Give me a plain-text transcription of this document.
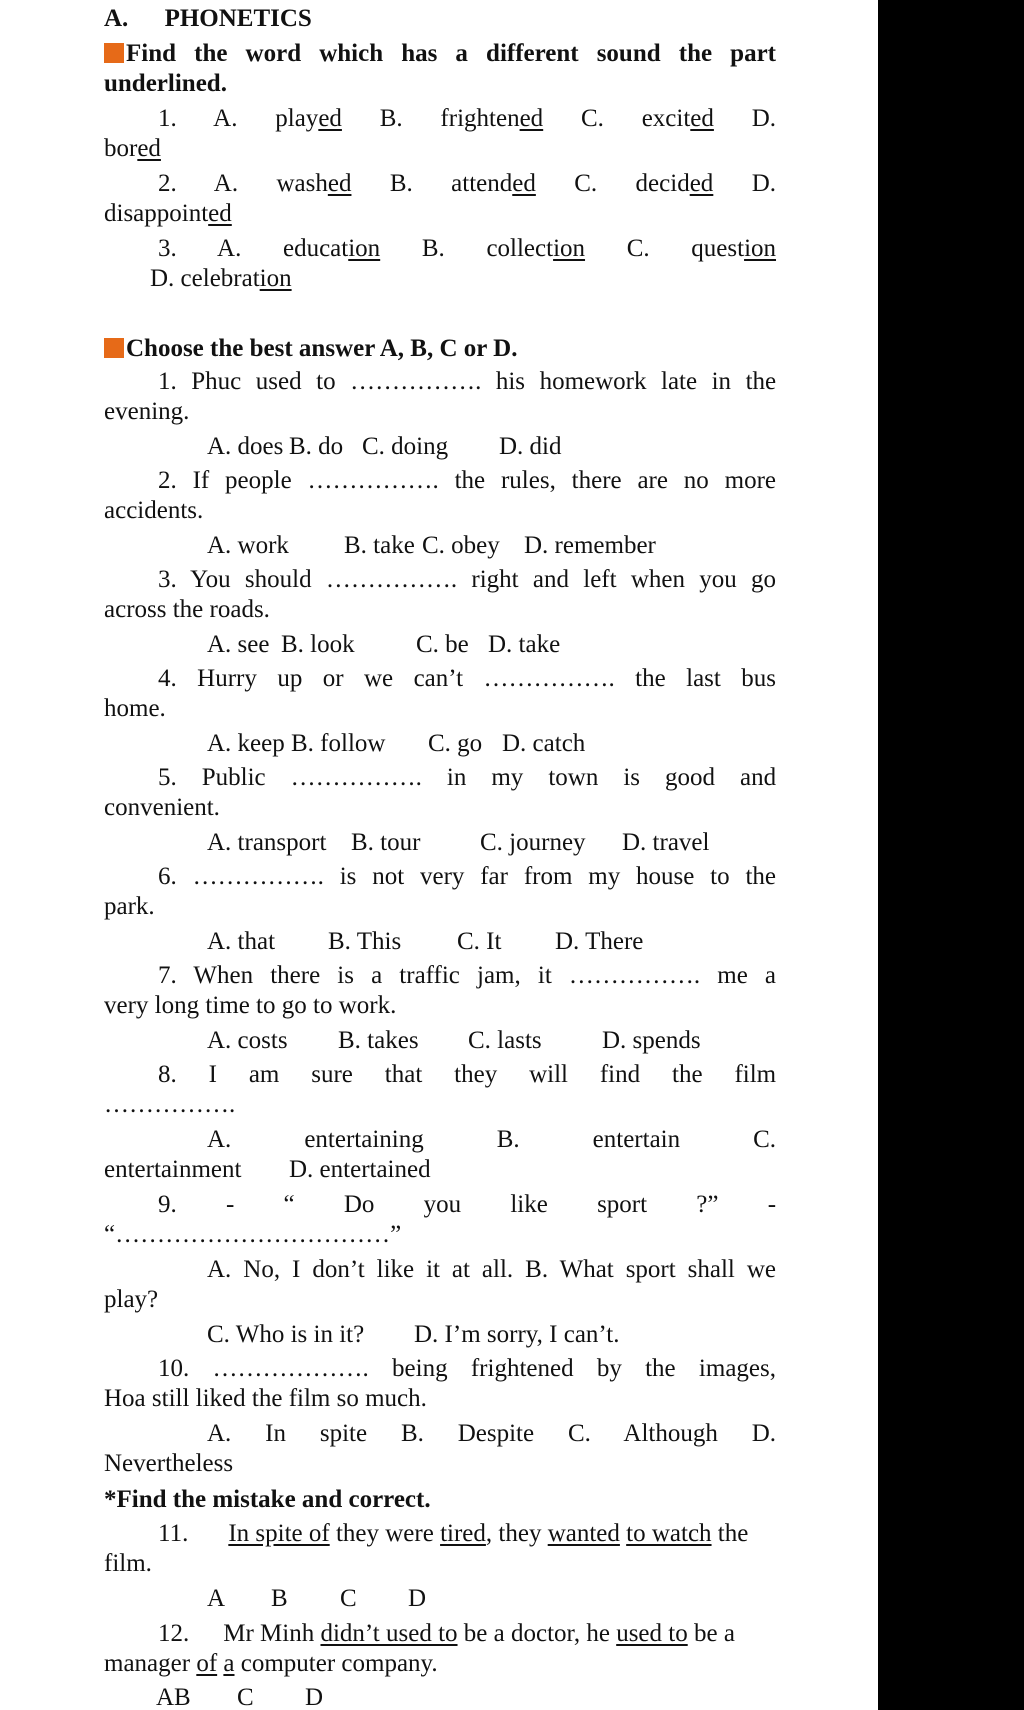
A. PHONETICS
Find the word which has a different sound the part
underlined.
1. A. played B. frightened C. excited D.
bored
2. A. washed B. attended C. decided D.
disappointed
3. A. education B. collection C. question
D. celebration
Choose the best answer A, B, C or D.
1. Phuc used to ……………. his homework late in the
evening.
A. does B. do C. doing D. did
2. If people ……………. the rules, there are no more
accidents.
A. work B. take C. obey D. remember
3. You should ……………. right and left when you go
across the roads.
A. see B. look C. be D. take
4. Hurry up or we can’t ……………. the last bus
home.
A. keep B. follow C. go D. catch
5. Public ……………. in my town is good and
convenient.
A. transport B. tour C. journey D. travel
6. ……………. is not very far from my house to the
park.
A. that B. This C. It D. There
7. When there is a traffic jam, it ……………. me a
very long time to go to work.
A. costs B. takes C. lasts D. spends
8. I am sure that they will find the film
…………….
A.	entertaining	B.	entertain	C.
entertainment D. entertained
9. - “ Do you like sport ?” -
“……………………………”
A. No, I don’t like it at all. B. What sport shall we
play?
C. Who is in it? D. I’m sorry, I can’t.
10. ………………. being frightened by the images,
Hoa still liked the film so much.
A. In spite B. Despite C. Although D.
Nevertheless
*Find the mistake and correct.
11. In spite of they were tired, they wanted to watch the
film.
A B C D
12. Mr Minh didn’t used to be a doctor, he used to be a
manager of a computer company.
AB C D
